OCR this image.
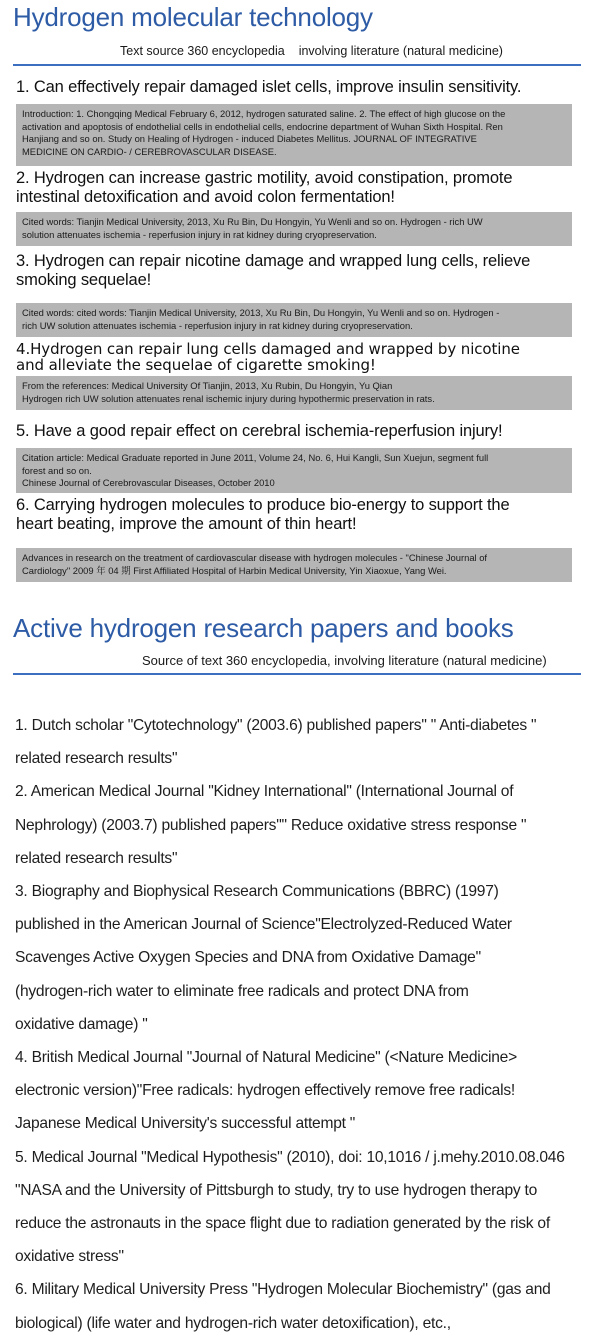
Hydrogen molecular technology
Text source 360 encyclopedia involving literature (natural medicine)
1. Can effectively repair damaged islet cells, improve insulin sensitivity.
Introduction: 1. Chongqing Medical February 6, 2012, hydrogen saturated saline. 2. The effect of high glucose on the
activation and apoptosis of endothelial cells in endothelial cells, endocrine department of Wuhan Sixth Hospital. Ren
Hanjiang and so on. Study on Healing of Hydrogen - induced Diabetes Mellitus. JOURNAL OF INTEGRATIVE
MEDICINE ON CARDIO- / CEREBROVASCULAR DISEASE.
2. Hydrogen can increase gastric motility, avoid constipation, promote
intestinal detoxification and avoid colon fermentation!
Cited words: Tianjin Medical University, 2013, Xu Ru Bin, Du Hongyin, Yu Wenli and so on. Hydrogen - rich UW
solution attenuates ischemia - reperfusion injury in rat kidney during cryopreservation.
3. Hydrogen can repair nicotine damage and wrapped lung cells, relieve
smoking sequelae!
Cited words: cited words: Tianjin Medical University, 2013, Xu Ru Bin, Du Hongyin, Yu Wenli and so on. Hydrogen -
rich UW solution attenuates ischemia - reperfusion injury in rat kidney during cryopreservation.
4.Hydrogen can repair lung cells damaged and wrapped by nicotine
and alleviate the sequelae of cigarette smoking!
From the references: Medical University Of Tianjin, 2013, Xu Rubin, Du Hongyin, Yu Qian
Hydrogen rich UW solution attenuates renal ischemic injury during hypothermic preservation in rats.
5. Have a good repair effect on cerebral ischemia-reperfusion injury!
Citation article: Medical Graduate reported in June 2011, Volume 24, No. 6, Hui Kangli, Sun Xuejun, segment full
forest and so on.
Chinese Journal of Cerebrovascular Diseases, October 2010
6. Carrying hydrogen molecules to produce bio-energy to support the
heart beating, improve the amount of thin heart!
Advances in research on the treatment of cardiovascular disease with hydrogen molecules - "Chinese Journal of
Cardiology" 2009 年 04 期 First Affiliated Hospital of Harbin Medical University, Yin Xiaoxue, Yang Wei.
Active hydrogen research papers and books
Source of text 360 encyclopedia, involving literature (natural medicine)
1. Dutch scholar "Cytotechnology" (2003.6) published papers" " Anti-diabetes "
related research results"
2. American Medical Journal "Kidney International" (International Journal of
Nephrology) (2003.7) published papers"" Reduce oxidative stress response "
related research results"
3. Biography and Biophysical Research Communications (BBRC) (1997)
published in the American Journal of Science"Electrolyzed-Reduced Water
Scavenges Active Oxygen Species and DNA from Oxidative Damage"
(hydrogen-rich water to eliminate free radicals and protect DNA from
oxidative damage) "
4. British Medical Journal "Journal of Natural Medicine" (<Nature Medicine>
electronic version)"Free radicals: hydrogen effectively remove free radicals!
Japanese Medical University's successful attempt "
5. Medical Journal "Medical Hypothesis" (2010), doi: 10,1016 / j.mehy.2010.08.046
"NASA and the University of Pittsburgh to study, try to use hydrogen therapy to
reduce the astronauts in the space flight due to radiation generated by the risk of
oxidative stress"
6. Military Medical University Press "Hydrogen Molecular Biochemistry" (gas and
biological) (life water and hydrogen-rich water detoxification), etc.,
